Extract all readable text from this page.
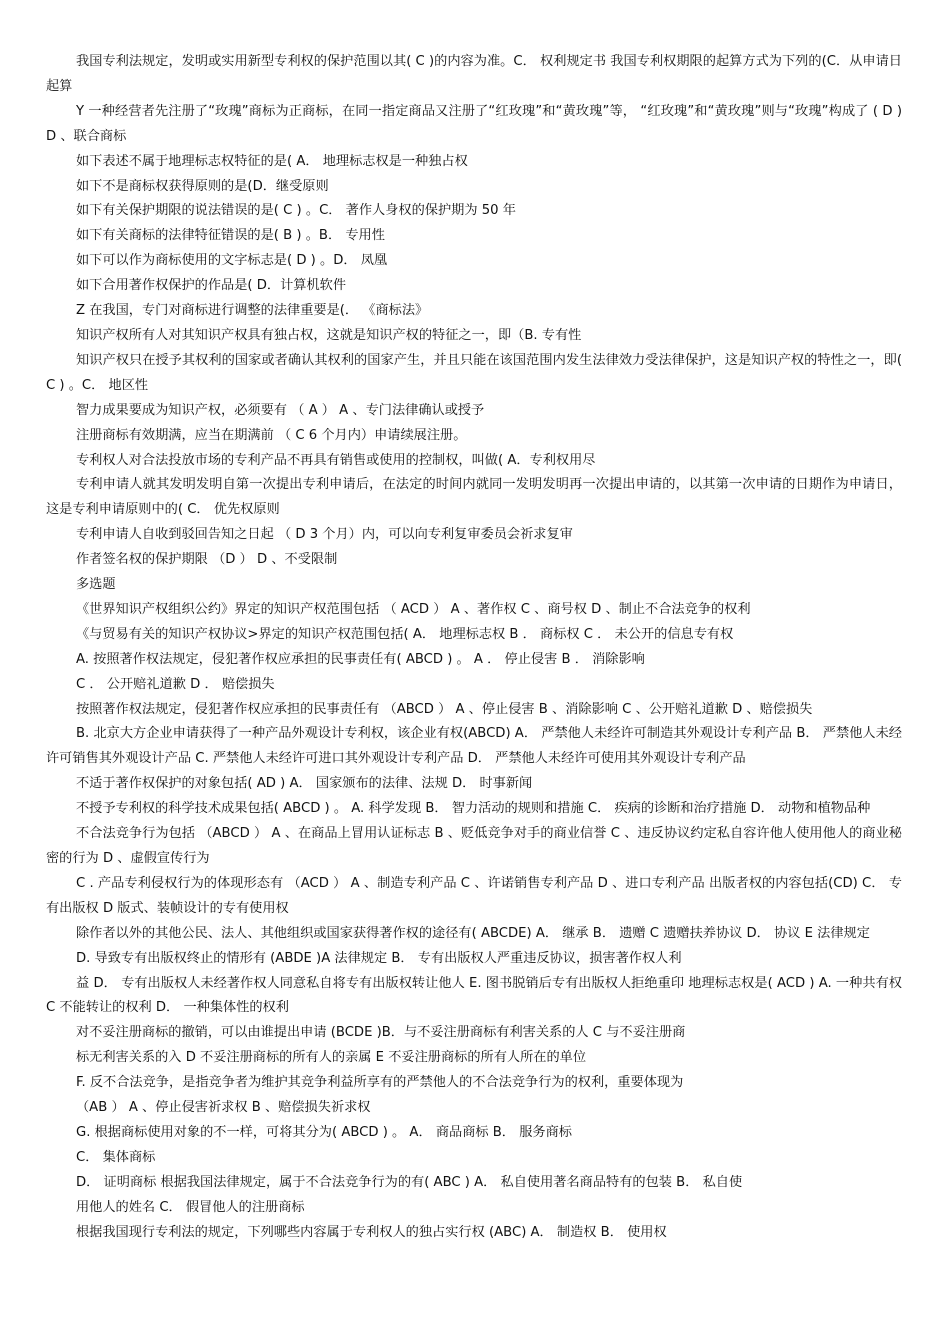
我国专利法规定，发明或实用新型专利权的保护范围以其( C )的内容为准。C． 权利规定书 我国专利权期限的起算方式为下列的(C．从申请日起算

Y 一种经营者先注册了“玫瑰”商标为正商标，在同一指定商品又注册了“红玫瑰”和“黄玫瑰”等， “红玫瑰”和“黄玫瑰”则与“玫瑰”构成了 ( D ) D 、联合商标

如下表述不属于地理标志权特征的是( A． 地理标志权是一种独占权

如下不是商标权获得原则的是(D．继受原则

如下有关保护期限的说法错误的是( C ) 。C． 著作人身权的保护期为 50 年

如下有关商标的法律特征错误的是( B ) 。B． 专用性

如下可以作为商标使用的文字标志是( D ) 。D． 凤凰

如下合用著作权保护的作品是( D．计算机软件

Z 在我国，专门对商标进行调整的法律重要是(． 《商标法》

知识产权所有人对其知识产权具有独占权，这就是知识产权的特征之一，即（B. 专有性

知识产权只在授予其权利的国家或者确认其权利的国家产生，并且只能在该国范围内发生法律效力受法律保护，这是知识产权的特性之一，即( C ) 。C． 地区性

智力成果要成为知识产权，必须要有 （ A ） A 、专门法律确认或授予

注册商标有效期满，应当在期满前 （ C 6 个月内）申请续展注册。

专利权人对合法投放市场的专利产品不再具有销售或使用的控制权，叫做( A．专利权用尽

专利申请人就其发明发明自第一次提出专利申请后，在法定的时间内就同一发明发明再一次提出申请的，以其第一次申请的日期作为申请日，这是专利申请原则中的( C． 优先权原则

专利申请人自收到驳回告知之日起 （ D 3 个月）内，可以向专利复审委员会祈求复审

作者签名权的保护期限 （D ） D 、不受限制

多选题

《世界知识产权组织公约》界定的知识产权范围包括 （ ACD ） A 、著作权 C 、商号权 D 、制止不合法竞争的权利

《与贸易有关的知识产权协议>界定的知识产权范围包括( A． 地理标志权 B ． 商标权 C ． 未公开的信息专有权

A. 按照著作权法规定，侵犯著作权应承担的民事责任有( ABCD ) 。 A ． 停止侵害 B ． 消除影响

C ． 公开赔礼道歉 D ． 赔偿损失

按照著作权法规定，侵犯著作权应承担的民事责任有 （ABCD ） A 、停止侵害 B 、消除影响 C 、公开赔礼道歉 D 、赔偿损失

B. 北京大方企业申请获得了一种产品外观设计专利权，该企业有权(ABCD) A． 严禁他人未经许可制造其外观设计专利产品 B． 严禁他人未经许可销售其外观设计产品 C. 严禁他人未经许可进口其外观设计专利产品 D． 严禁他人未经许可使用其外观设计专利产品

不适于著作权保护的对象包括( AD ) A． 国家颁布的法律、法规 D． 时事新闻

不授予专利权的科学技术成果包括( ABCD ) 。 A. 科学发现 B． 智力活动的规则和措施 C． 疾病的诊断和治疗措施 D． 动物和植物品种

不合法竞争行为包括 （ABCD ） A 、在商品上冒用认证标志 B 、贬低竞争对手的商业信誉 C 、违反协议约定私自容许他人使用他人的商业秘密的行为 D 、虚假宣传行为

C . 产品专利侵权行为的体现形态有 （ACD ） A 、制造专利产品 C 、许诺销售专利产品 D 、进口专利产品 出版者权的内容包括(CD) C． 专有出版权 D 版式、装帧设计的专有使用权

除作者以外的其他公民、法人、其他组织或国家获得著作权的途径有( ABCDE) A． 继承 B． 遗赠 C 遗赠扶养协议 D． 协议 E 法律规定

D. 导致专有出版权终止的情形有 (ABDE )A 法律规定 B． 专有出版权人严重违反协议，损害著作权人利

益 D． 专有出版权人未经著作权人同意私自将专有出版权转让他人 E. 图书脱销后专有出版权人拒绝重印 地理标志权是( ACD ) A. 一种共有权 C 不能转让的权利 D． 一种集体性的权利

对不妥注册商标的撤销，可以由谁提出申请 (BCDE )B．与不妥注册商标有利害关系的人 C 与不妥注册商

标无利害关系的入 D 不妥注册商标的所有人的亲属 E 不妥注册商标的所有人所在的单位

F. 反不合法竞争，是指竞争者为维护其竞争利益所享有的严禁他人的不合法竞争行为的权利，重要体现为

（AB ） A 、停止侵害祈求权 B 、赔偿损失祈求权

G. 根据商标使用对象的不一样，可将其分为( ABCD ) 。 A． 商品商标 B． 服务商标

C． 集体商标

D． 证明商标 根据我国法律规定，属于不合法竞争行为的有( ABC ) A． 私自使用著名商品特有的包装 B． 私自使

用他人的姓名 C． 假冒他人的注册商标

根据我国现行专利法的规定，下列哪些内容属于专利权人的独占实行权 (ABC) A． 制造权 B． 使用权
